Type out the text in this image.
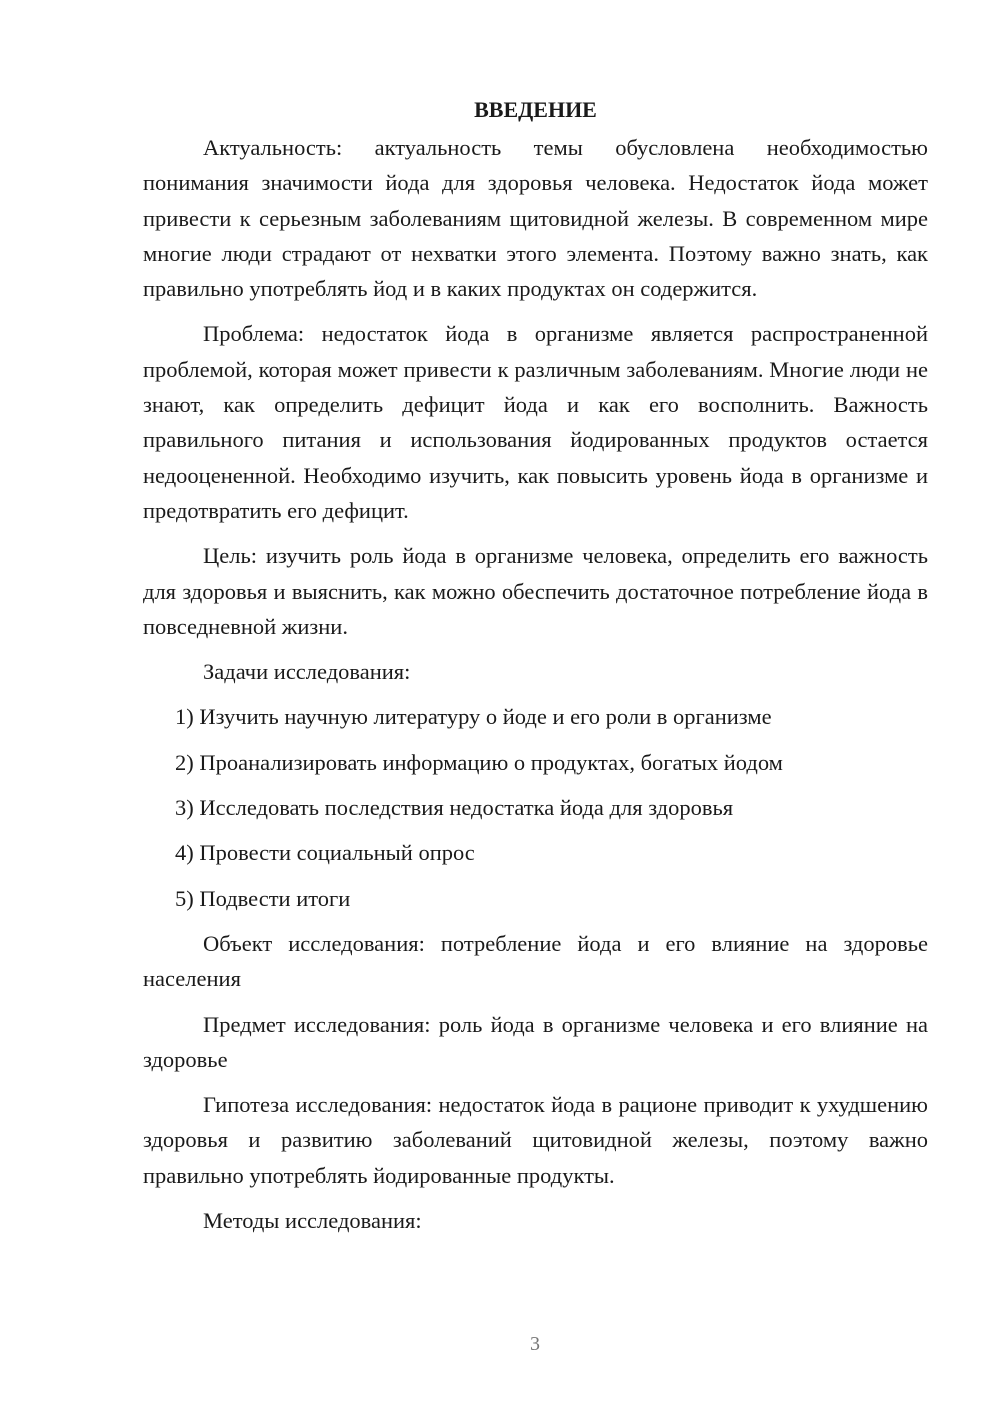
ВВЕДЕНИЕ

Актуальность: актуальность темы обусловлена необходимостью понимания значимости йода для здоровья человека. Недостаток йода может привести к серьезным заболеваниям щитовидной железы. В современном мире многие люди страдают от нехватки этого элемента. Поэтому важно знать, как правильно употреблять йод и в каких продуктах он содержится.

Проблема: недостаток йода в организме является распространенной проблемой, которая может привести к различным заболеваниям. Многие люди не знают, как определить дефицит йода и как его восполнить. Важность правильного питания и использования йодированных продуктов остается недооцененной. Необходимо изучить, как повысить уровень йода в организме и предотвратить его дефицит.

Цель: изучить роль йода в организме человека, определить его важность для здоровья и выяснить, как можно обеспечить достаточное потребление йода в повседневной жизни.

Задачи исследования:

1) Изучить научную литературу о йоде и его роли в организме
2) Проанализировать информацию о продуктах, богатых йодом
3) Исследовать последствия недостатка йода для здоровья
4) Провести социальный опрос
5) Подвести итоги

Объект исследования: потребление йода и его влияние на здоровье населения

Предмет исследования: роль йода в организме человека и его влияние на здоровье

Гипотеза исследования: недостаток йода в рационе приводит к ухудшению здоровья и развитию заболеваний щитовидной железы, поэтому важно правильно употреблять йодированные продукты.

Методы исследования:

3
